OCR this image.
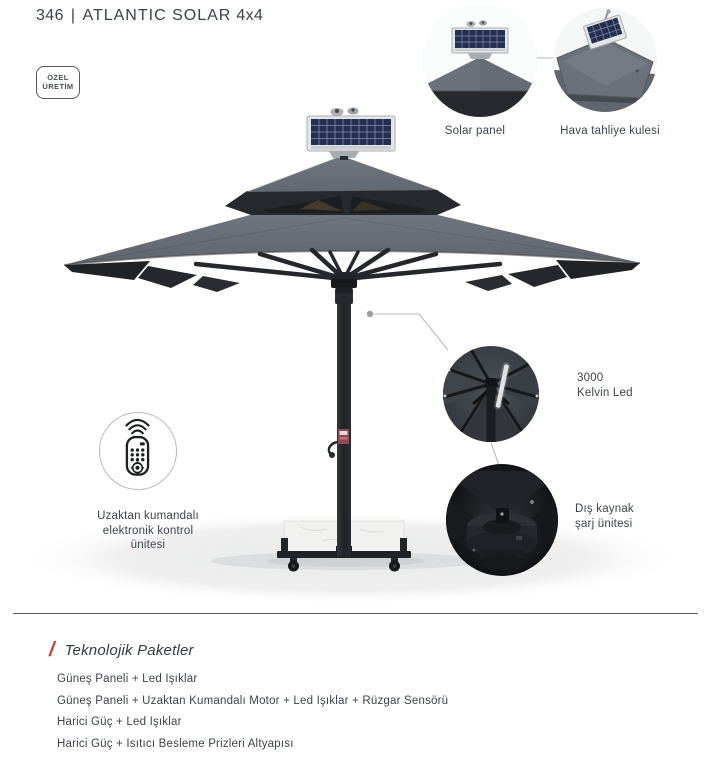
346 | ATLANTIC SOLAR 4x4
ÖZEL
ÜRETİM
Solar panel	Hava tahliye kulesi
3000
Kelvin Led
Dış kaynak
şarj ünitesi
Uzaktan kumandalı
elektronik kontrol
ünitesi
/ Teknolojik Paketler
Güneş Paneli + Led Işıklar
Güneş Paneli + Uzaktan Kumandalı Motor + Led Işıklar + Rüzgar Sensörü
Harici Güç + Led Işıklar
Harici Güç + Isıtıcı Besleme Prizleri Altyapısı
